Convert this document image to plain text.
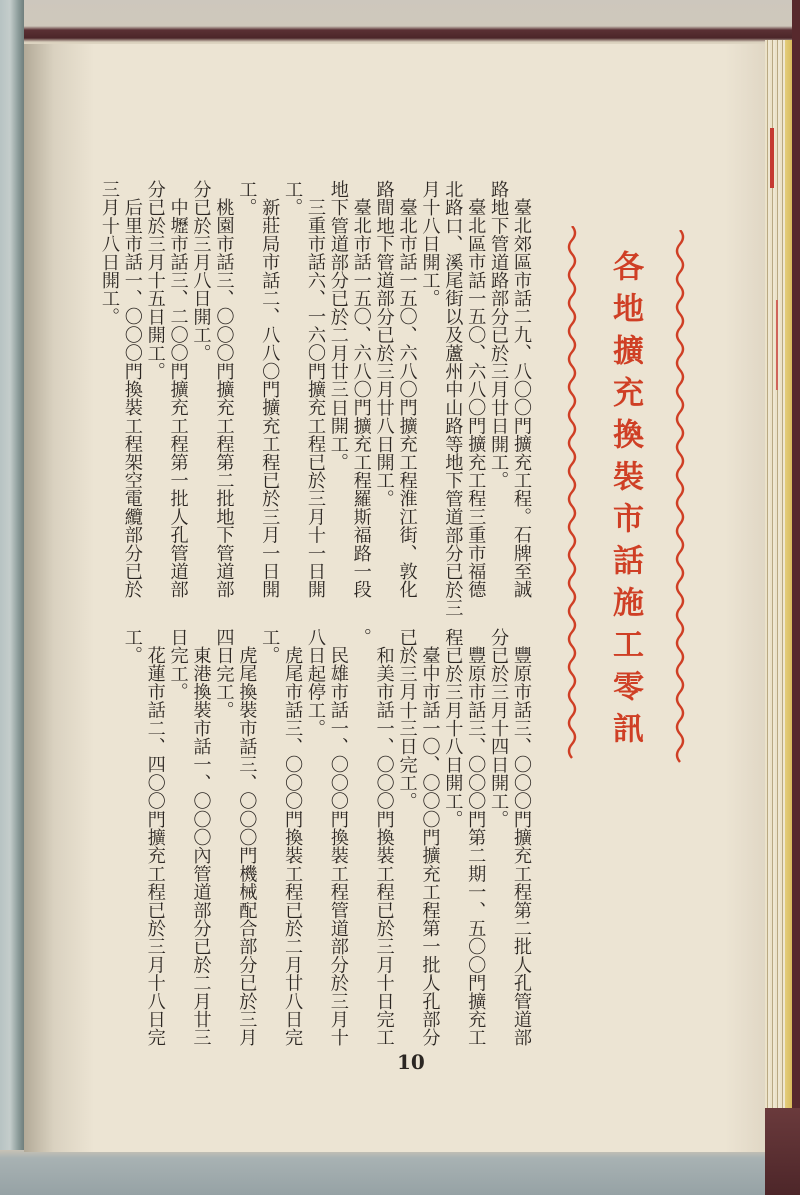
各地擴充換裝市話施工零訊
臺北郊區市話二九、八〇〇門擴充工程。石牌至誠
路地下管道路部分已於三月廿日開工。
臺北區市話一五〇、六八〇門擴充工程三重市福德
北路口、溪尾街以及蘆州中山路等地下管道部分已於三
月十八日開工。
臺北市話一五〇、六八〇門擴充工程淮江街、敦化
路間地下管道部分已於三月廿八日開工。
臺北市話一五〇、六八〇門擴充工程羅斯福路一段
地下管道部分已於二月廿三日開工。
三重市話六、一六〇門擴充工程已於三月十一日開
工。
新莊局市話二、八八〇門擴充工程已於三月一日開
工。
桃園市話三、〇〇〇門擴充工程第二批地下管道部
分已於三月八日開工。
中壢市話三、二〇〇門擴充工程第一批人孔管道部
分已於三月十五日開工。
后里市話一、〇〇〇門換裝工程架空電纜部分已於
三月十八日開工。
豐原市話三、〇〇〇門擴充工程第二批人孔管道部
分已於三月十四日開工。
豐原市話三、〇〇〇門第二期一、五〇〇門擴充工
程已於三月十八日開工。
臺中市話一〇、〇〇〇門擴充工程第一批人孔部分
已於三月十三日完工。
和美市話一、〇〇〇門換裝工程已於三月十日完工
。
民雄市話一、〇〇〇門換裝工程管道部分於三月十
八日起停工。
虎尾市話三、〇〇〇門換裝工程已於二月廿八日完
工。
虎尾換裝市話三、〇〇〇門機械配合部分已於三月
四日完工。
東港換裝市話一、〇〇〇內管道部分已於二月廿三
日完工。
花蓮市話二、四〇〇門擴充工程已於三月十八日完
工。
10
